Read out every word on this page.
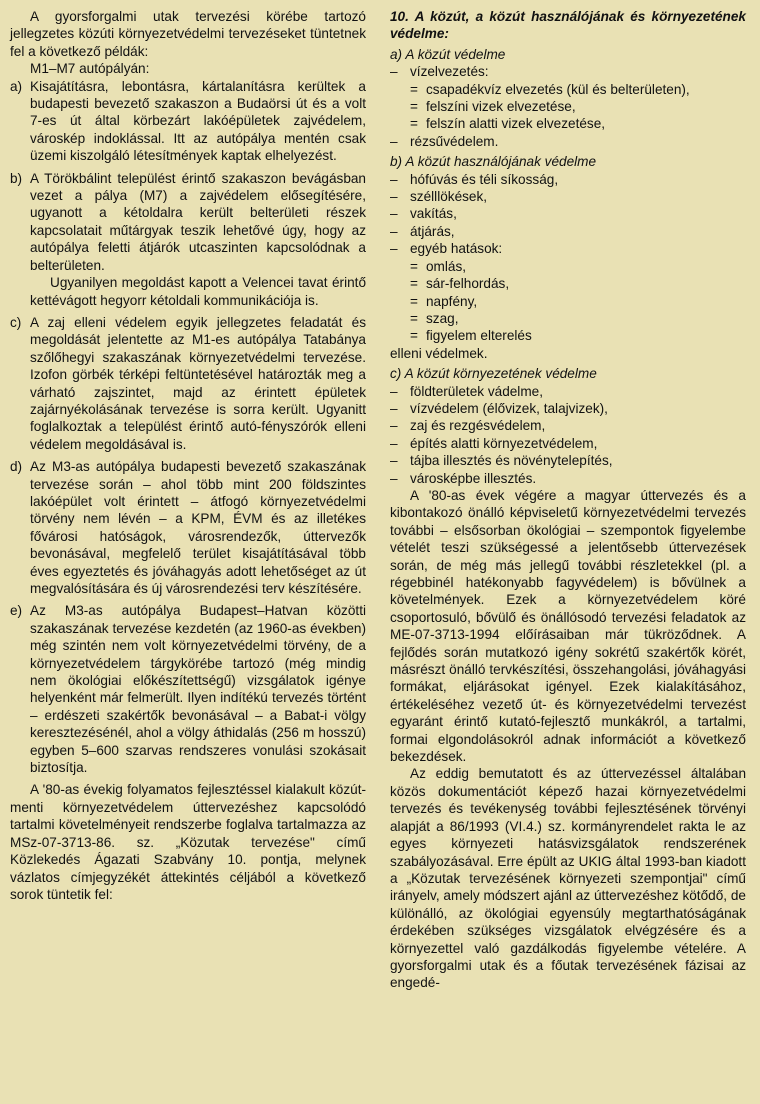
A gyorsforgalmi utak tervezési körébe tartozó jellegzetes közúti környezetvédelmi tervezéseket tüntetnek fel a következő példák:

M1–M7 autópályán:

a) Kisajátításra, lebontásra, kártalanításra kerültek a budapesti bevezető szakaszon a Budaörsi út és a volt 7-es út által körbezárt lakóépületek zajvédelem, városkép indoklással. Itt az autópálya mentén csak üzemi kiszolgáló létesítmények kaptak elhelyezést.
b) A Törökbálint települést érintő szakaszon bevágásban vezet a pálya (M7) a zajvédelem elősegítésére, ugyanott a kétoldalra került belterületi részek kapcsolatait műtárgyak teszik lehetővé úgy, hogy az autópálya feletti átjárók utcaszinten kapcsolódnak a belterületen.

Ugyanilyen megoldást kapott a Velencei tavat érintő kettévágott hegyorr kétoldali kommunikációja is.

c) A zaj elleni védelem egyik jellegzetes feladatát és megoldását jelentette az M1-es autópálya Tatabánya szőlőhegyi szakaszának környezetvédelmi tervezése. Izofon görbék térképi feltüntetésével határozták meg a várható zajszintet, majd az érintett épületek zajárnyékolásának tervezése is sorra került. Ugyanitt foglalkoztak a települést érintő autó-fényszórók elleni védelem megoldásával is.
d) Az M3-as autópálya budapesti bevezető szakaszának tervezése során – ahol több mint 200 földszintes lakóépület volt érintett – átfogó környezetvédelmi törvény nem lévén – a KPM, ÉVM és az illetékes fővárosi hatóságok, városrendezők, úttervezők bevonásával, megfelelő terület kisajátításával több éves egyeztetés és jóváhagyás adott lehetőséget az út megvalósítására és új városrendezési terv készítésére.
e) Az M3-as autópálya Budapest–Hatvan közötti szakaszának tervezése kezdetén (az 1960-as években) még szintén nem volt környezetvédelmi törvény, de a környezetvédelem tárgykörébe tartozó (még mindig nem ökológiai előkészítettségű) vizsgálatok igénye helyenként már felmerült. Ilyen indítékú tervezés történt – erdészeti szakértők bevonásával – a Babat-i völgy keresztezésénél, ahol a völgy áthidalás (256 m hosszú) egyben 5–600 szarvas rendszeres vonulási szokásait biztosítja.

A '80-as évekig folyamatos fejlesztéssel kialakult közút-menti környezetvédelem úttervezéshez kapcsolódó tartalmi követelményeit rendszerbe foglalva tartalmazza az MSz-07-3713-86. sz. „Közutak tervezése" című Közlekedés Ágazati Szabvány 10. pontja, melynek vázlatos címjegyzékét áttekintés céljából a következő sorok tüntetik fel:

10. A közút, a közút használójának és környezetének védelme:

a) A közút védelme

– vízelvezetés:
= csapadékvíz elvezetés (kül és belterületen),
= felszíni vizek elvezetése,
= felszín alatti vizek elvezetése,
– rézsűvédelem.

b) A közút használójának védelme

– hófúvás és téli síkosság,
– szélllökések,
– vakítás,
– átjárás,
– egyéb hatások:
= omlás,
= sár-felhordás,
= napfény,
= szag,
= figyelem elterelés

elleni védelmek.

c) A közút környezetének védelme

– földterületek vádelme,
– vízvédelem (élővizek, talajvizek),
– zaj és rezgésvédelem,
– építés alatti környezetvédelem,
– tájba illesztés és növénytelepítés,
– városképbe illesztés.

A '80-as évek végére a magyar úttervezés és a kibontakozó önálló képviseletű környezetvédelmi tervezés további – elsősorban ökológiai – szempontok figyelembe vételét teszi szükségessé a jelentősebb úttervezések során, de még más jellegű további részletekkel (pl. a régebbinél hatékonyabb fagyvédelem) is bővülnek a követelmények. Ezek a környezetvédelem köré csoportosuló, bővülő és önállósodó tervezési feladatok az ME-07-3713-1994 előírásaiban már tükröződnek. A fejlődés során mutatkozó igény sokrétű szakértők körét, másrészt önálló tervkészítési, összehangolási, jóváhagyási formákat, eljárásokat igényel. Ezek kialakításához, értékeléséhez vezető út- és környezetvédelmi tervezést egyaránt érintő kutató-fejlesztő munkákról, a tartalmi, formai elgondolásokról adnak információt a következő bekezdések.

Az eddig bemutatott és az úttervezéssel általában közös dokumentációt képező hazai környezetvédelmi tervezés és tevékenység további fejlesztésének törvényi alapját a 86/1993 (VI.4.) sz. kormányrendelet rakta le az egyes környezeti hatásvizsgálatok rendszerének szabályozásával. Erre épült az UKIG által 1993-ban kiadott a „Közutak tervezésének környezeti szempontjai" című irányelv, amely módszert ajánl az úttervezéshez kötődő, de különálló, az ökológiai egyensúly megtarthatóságának érdekében szükséges vizsgálatok elvégzésére és a környezettel való gazdálkodás figyelembe vételére. A gyorsforgalmi utak és a főutak tervezésének fázisai az engedé-
